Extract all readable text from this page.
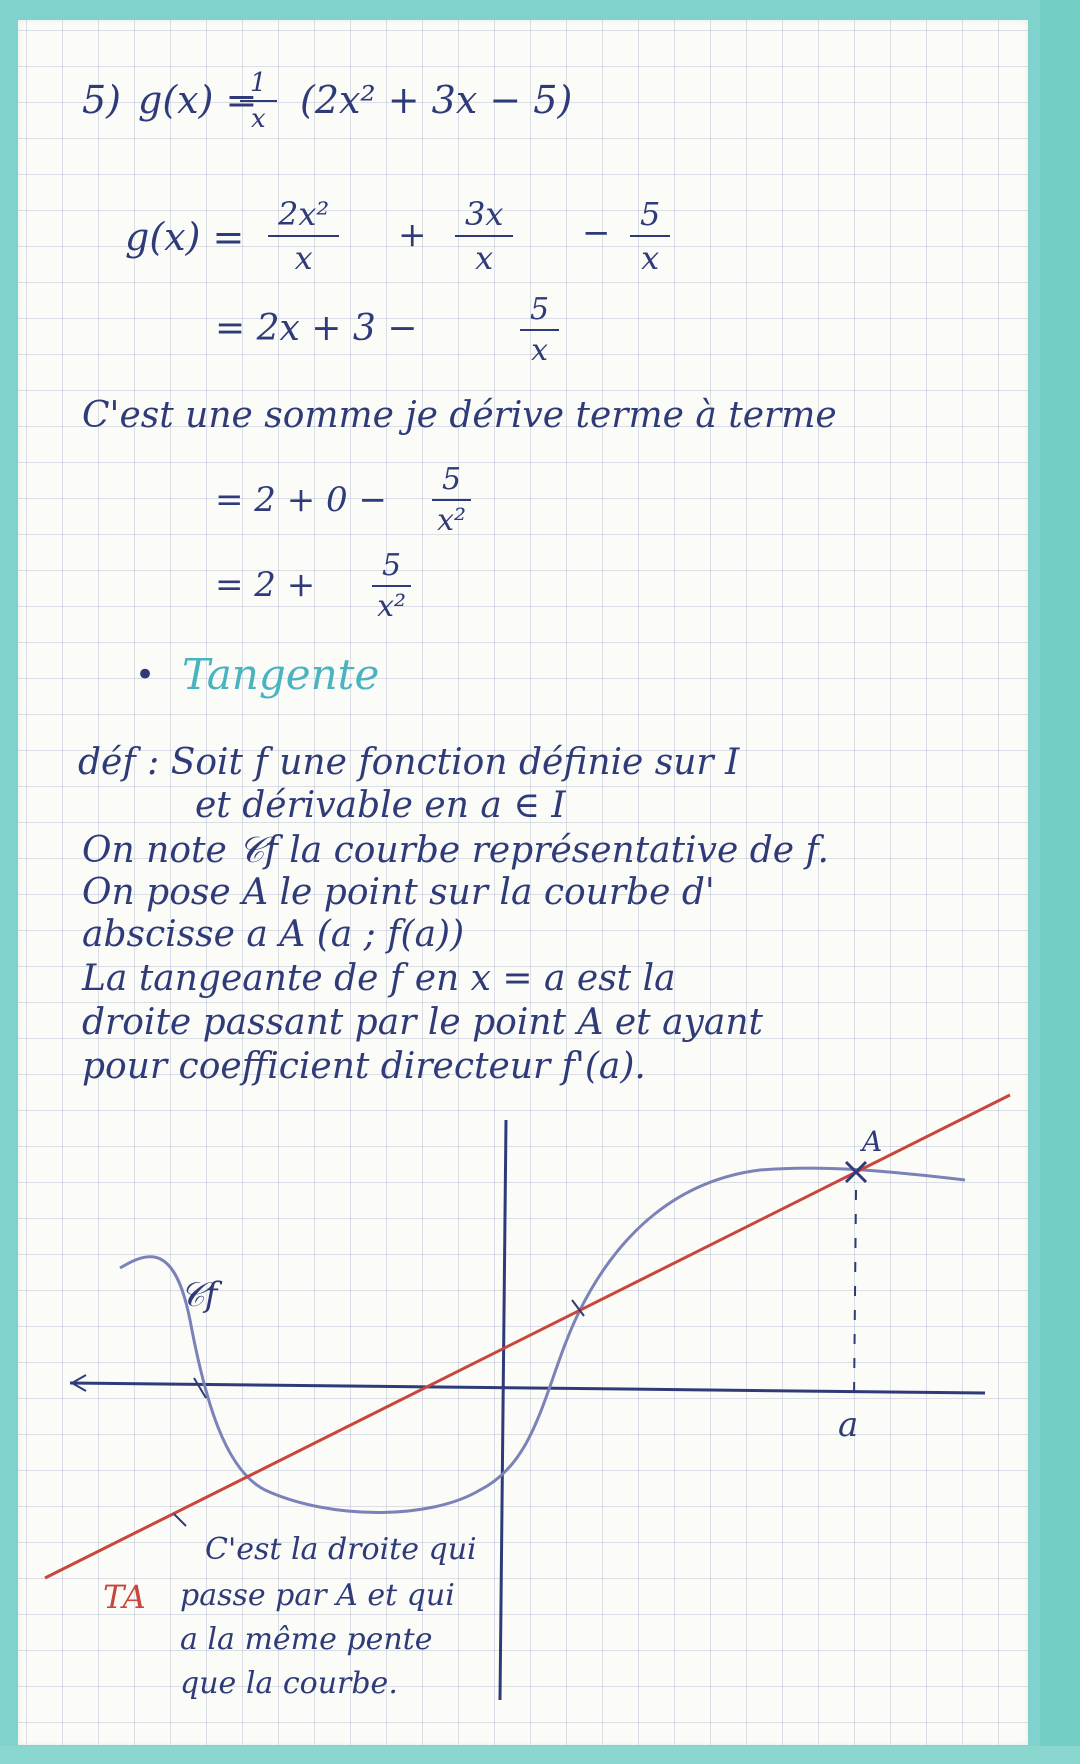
5) g(x) =
$\frac{1}{x} (2x^2 + 3x - 5)$
$g(x) = \frac{\text{2x²}}{x} + \frac{3x}{x} - \frac{5}{x}$
= 2x + 3 −	$\frac{5}{x}$
C'est une somme je dérive terme à terme
= $2 + 0 - \frac{5}{\text{x²}}$
= $2 + \frac{5}{\text{x²}}$
• Tangente
déf : Soit f une fonction définie sur I
et dérivable en a ∈ I
On note 𝒞f la courbe représentative de f.
On pose A le point sur la courbe d'
abscisse a A (a ; f(a))
La tangeante de f en x = a est la
droite passant par le point A et ayant
pour coefficient directeur f'(a).
𝒞f
A
a
TA
C'est la droite qui
passe par A et qui
a la même pente
que la courbe.
